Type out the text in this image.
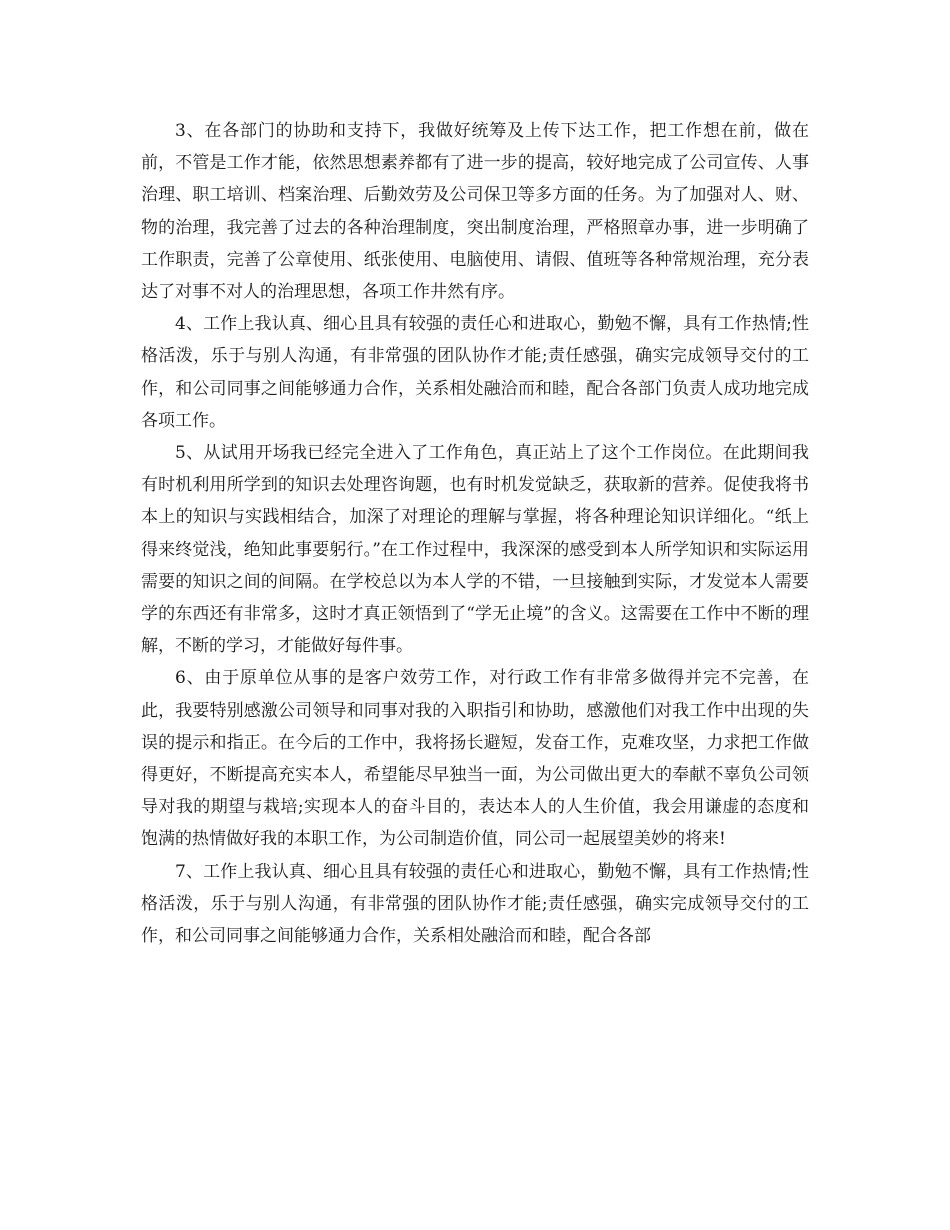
3、在各部门的协助和支持下，我做好统筹及上传下达工作，把工作想在前，做在前，不管是工作才能，依然思想素养都有了进一步的提高，较好地完成了公司宣传、人事治理、职工培训、档案治理、后勤效劳及公司保卫等多方面的任务。为了加强对人、财、物的治理，我完善了过去的各种治理制度，突出制度治理，严格照章办事，进一步明确了工作职责，完善了公章使用、纸张使用、电脑使用、请假、值班等各种常规治理，充分表达了对事不对人的治理思想，各项工作井然有序。

4、工作上我认真、细心且具有较强的责任心和进取心，勤勉不懈，具有工作热情;性格活泼，乐于与别人沟通，有非常强的团队协作才能;责任感强，确实完成领导交付的工作，和公司同事之间能够通力合作，关系相处融洽而和睦，配合各部门负责人成功地完成各项工作。

5、从试用开场我已经完全进入了工作角色，真正站上了这个工作岗位。在此期间我有时机利用所学到的知识去处理咨询题，也有时机发觉缺乏，获取新的营养。促使我将书本上的知识与实践相结合，加深了对理论的理解与掌握，将各种理论知识详细化。“纸上得来终觉浅，绝知此事要躬行。”在工作过程中，我深深的感受到本人所学知识和实际运用需要的知识之间的间隔。在学校总以为本人学的不错，一旦接触到实际，才发觉本人需要学的东西还有非常多，这时才真正领悟到了“学无止境”的含义。这需要在工作中不断的理解，不断的学习，才能做好每件事。

6、由于原单位从事的是客户效劳工作，对行政工作有非常多做得并完不完善，在此，我要特别感激公司领导和同事对我的入职指引和协助，感激他们对我工作中出现的失误的提示和指正。在今后的工作中，我将扬长避短，发奋工作，克难攻坚，力求把工作做得更好，不断提高充实本人，希望能尽早独当一面，为公司做出更大的奉献不辜负公司领导对我的期望与栽培;实现本人的奋斗目的，表达本人的人生价值，我会用谦虚的态度和饱满的热情做好我的本职工作，为公司制造价值，同公司一起展望美妙的将来!

7、工作上我认真、细心且具有较强的责任心和进取心，勤勉不懈，具有工作热情;性格活泼，乐于与别人沟通，有非常强的团队协作才能;责任感强，确实完成领导交付的工作，和公司同事之间能够通力合作，关系相处融洽而和睦，配合各部
